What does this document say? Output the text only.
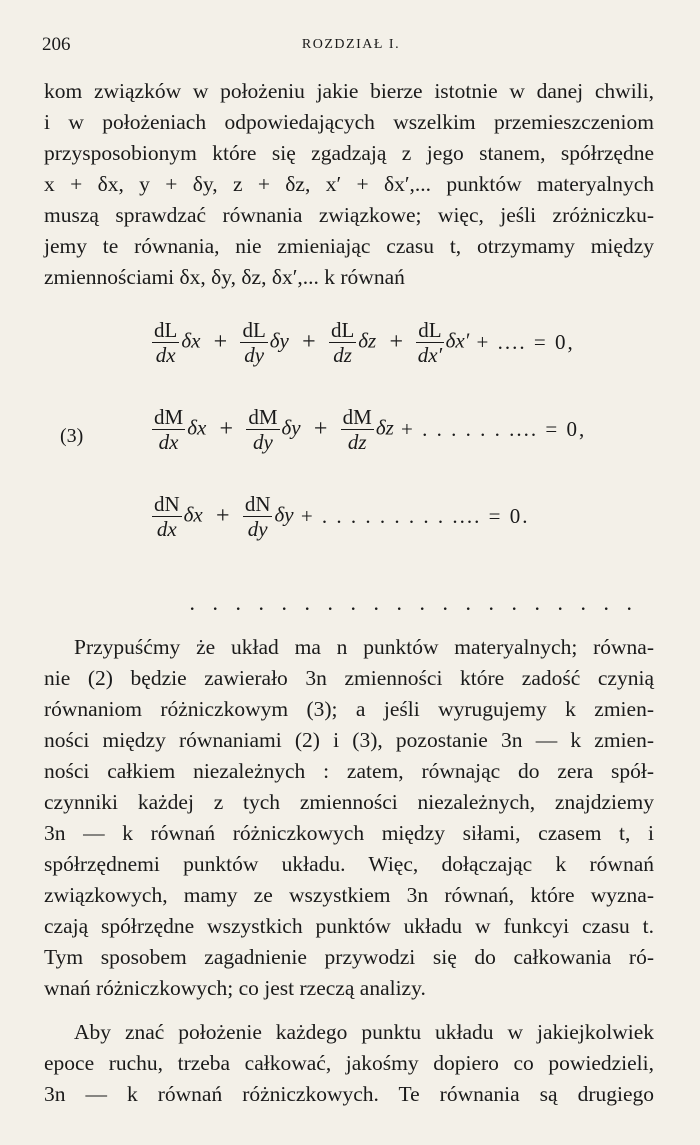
206	ROZDZIAŁ I.
kom związków w położeniu jakie bierze istotnie w danej chwili,
i w położeniach odpowiedających wszelkim przemieszczeniom
przysposobionym które się zgadzają z jego stanem, spółrzędne
x + δx, y + δy, z + δz, x′ + δx′,... punktów materyalnych
muszą sprawdzać równania związkowe; więc, jeśli zróżniczku-
jemy te równania, nie zmieniając czasu t, otrzymamy między
zmiennościami δx, δy, δz, δx′,... k równań
(3)
$\frac{dL}{dx}$ $\delta x + \frac{dL}{dy}$ $\delta y + \frac{dL}{dz}$ $\delta z + \frac{dL}{dx'} \delta x'$ + .... = 0,
$\frac{dM}{dx}$ $\delta x + \frac{dM}{dy}$ $\delta y + \frac{dM}{dz}$ δz + . . . . . . .... = 0,
$\frac{dN}{dx}$ $\delta x + \frac{dN}{dy}$ δy + . . . . . . . . . .... = 0.
. . . . . . . . . . . . . . . . . . . .
Przypuśćmy że układ ma n punktów materyalnych; równa-
nie (2) będzie zawierało 3n zmienności które zadość czynią
równaniom różniczkowym (3); a jeśli wyrugujemy k zmien-
ności między równaniami (2) i (3), pozostanie 3n — k zmien-
ności całkiem niezależnych : zatem, równając do zera spół-
czynniki każdej z tych zmienności niezależnych, znajdziemy
3n — k równań różniczkowych między siłami, czasem t, i
spółrzędnemi punktów układu. Więc, dołączając k równań
związkowych, mamy ze wszystkiem 3n równań, które wyzna-
czają spółrzędne wszystkich punktów układu w funkcyi czasu t.
Tym sposobem zagadnienie przywodzi się do całkowania ró-
wnań różniczkowych; co jest rzeczą analizy.
Aby znać położenie każdego punktu układu w jakiejkolwiek
epoce ruchu, trzeba całkować, jakośmy dopiero co powiedzieli,
3n — k równań różniczkowych. Te równania są drugiego
